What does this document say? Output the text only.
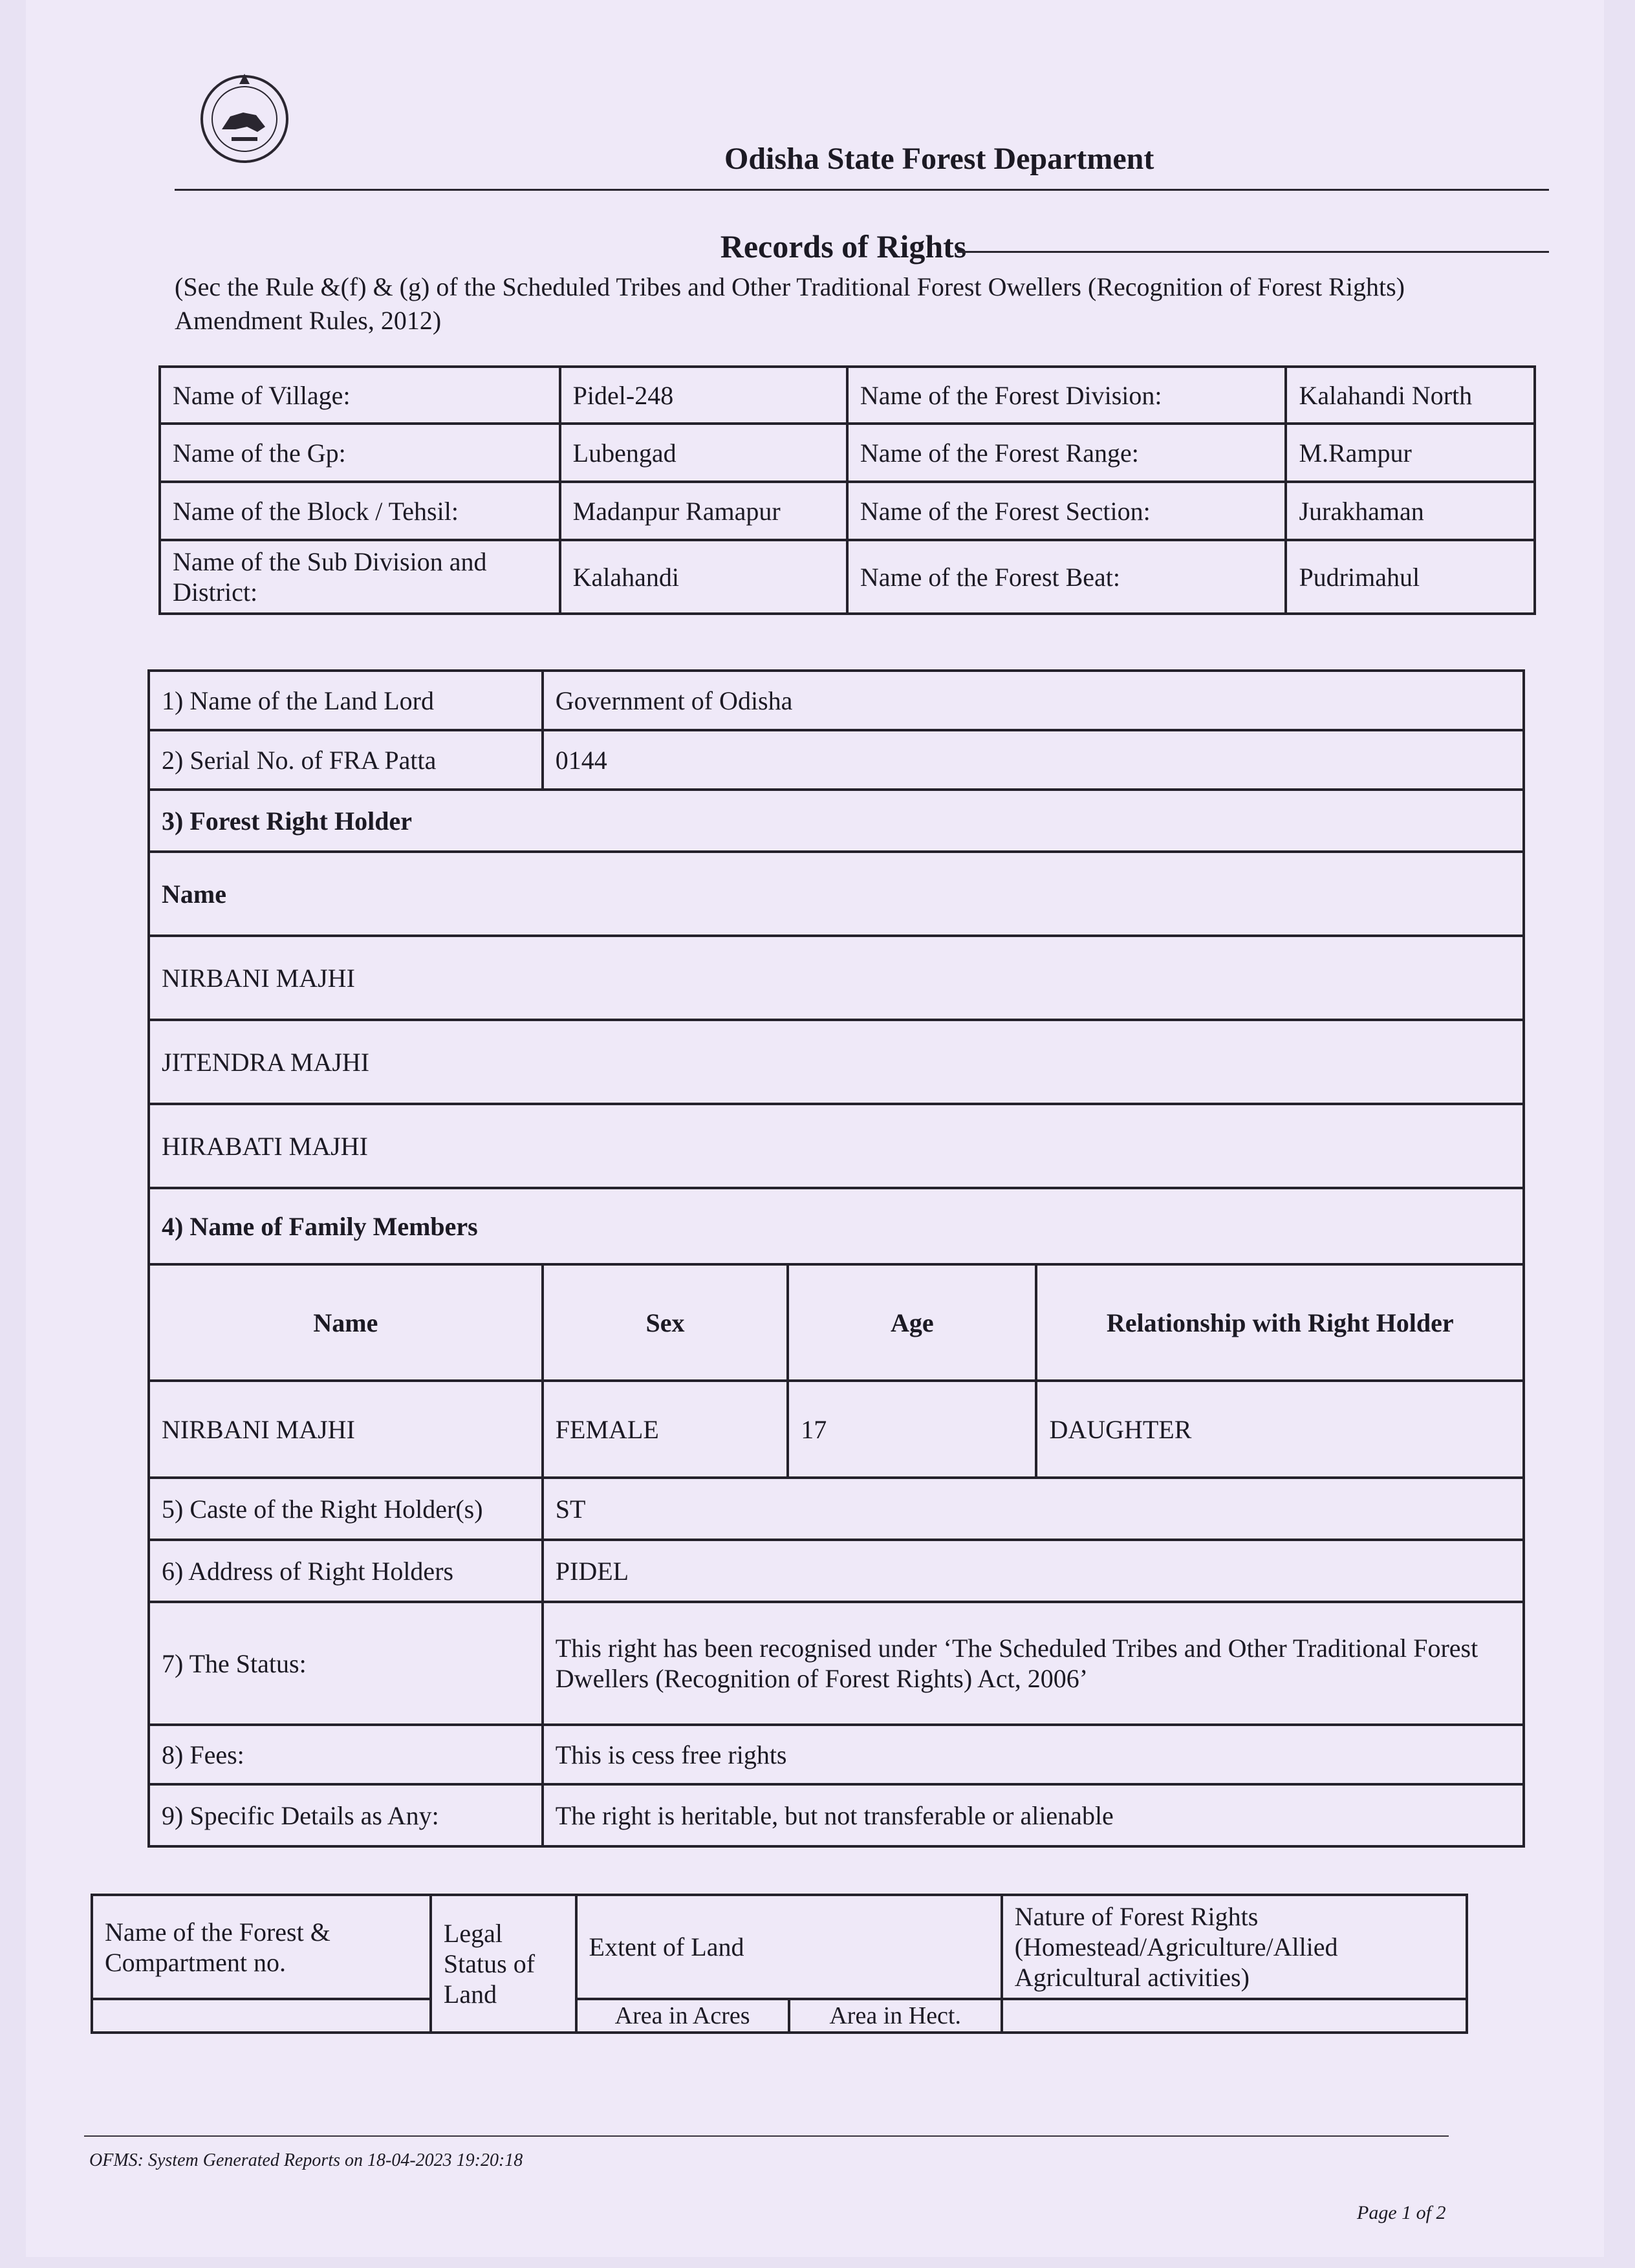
Odisha State Forest Department
Records of Rights
(Sec the Rule &(f) & (g) of the Scheduled Tribes and Other Traditional Forest Owellers (Recognition of Forest Rights) Amendment Rules, 2012)
Name of Village:	Pidel-248	Name of the Forest Division:	Kalahandi North
Name of the Gp:	Lubengad	Name of the Forest Range:	M.Rampur
Name of the Block / Tehsil:	Madanpur Ramapur	Name of the Forest Section:	Jurakhaman
Name of the Sub Division and District:	Kalahandi	Name of the Forest Beat:	Pudrimahul
1) Name of the Land Lord	Government of Odisha		
2) Serial No. of FRA Patta	0144		
3) Forest Right Holder			
Name			
NIRBANI MAJHI			
JITENDRA MAJHI			
HIRABATI MAJHI			
4) Name of Family Members			
Name	Sex	Age	Relationship with Right Holder
NIRBANI MAJHI	FEMALE	17	DAUGHTER
5) Caste of the Right Holder(s)	ST		
6) Address of Right Holders	PIDEL		
7) The Status:	This right has been recognised under ‘The Scheduled Tribes and Other Traditional Forest Dwellers (Recognition of Forest Rights) Act, 2006’		
8) Fees:	This is cess free rights		
9) Specific Details as Any:	The right is heritable, but not transferable or alienable		
Name of the Forest & Compartment no.	Legal Status of Land	Extent of Land		Nature of Forest Rights (Homestead/Agriculture/Allied Agricultural activities)
		Area in Acres	Area in Hect.	
OFMS: System Generated Reports on 18-04-2023 19:20:18
Page 1 of 2
